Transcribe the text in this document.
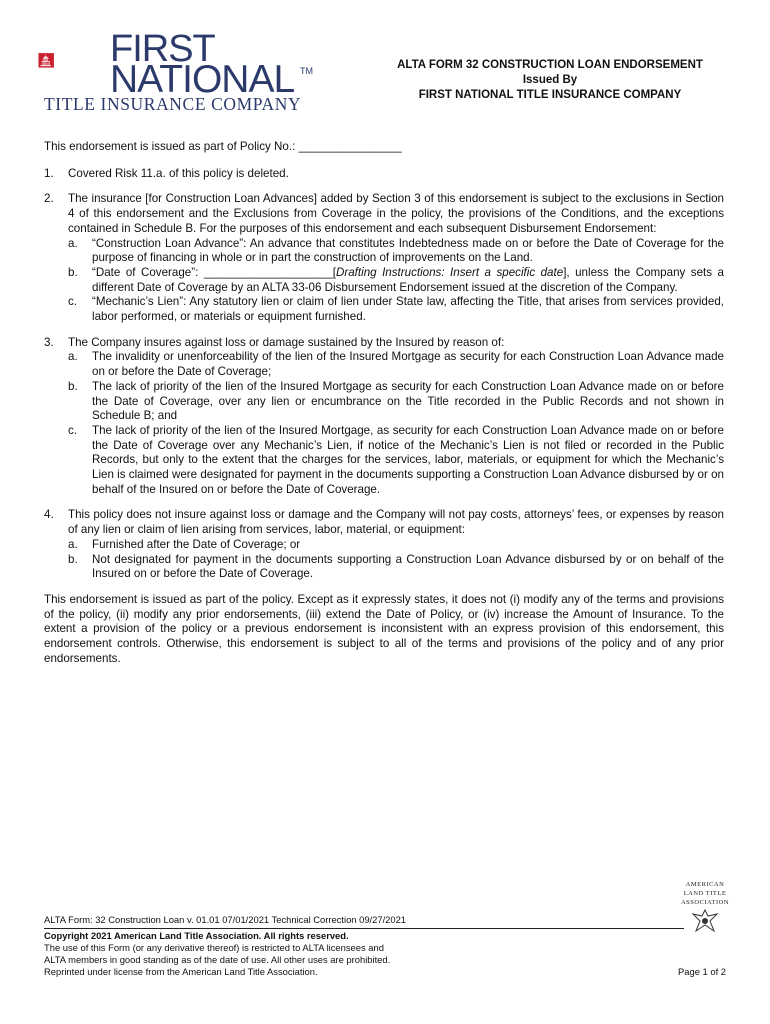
FIRST
NATIONAL TM
TITLE INSURANCE COMPANY
ALTA FORM 32 CONSTRUCTION LOAN ENDORSEMENT
Issued By
FIRST NATIONAL TITLE INSURANCE COMPANY

This endorsement is issued as part of Policy No.: ________________

1. Covered Risk 11.a. of this policy is deleted.
2. The insurance [for Construction Loan Advances] added by Section 3 of this endorsement is subject to the exclusions in Section 4 of this endorsement and the Exclusions from Coverage in the policy, the provisions of the Conditions, and the exceptions contained in Schedule B. For the purposes of this endorsement and each subsequent Disbursement Endorsement:
a. “Construction Loan Advance”: An advance that constitutes Indebtedness made on or before the Date of Coverage for the purpose of financing in whole or in part the construction of improvements on the Land.
b. “Date of Coverage”: ____________________[Drafting Instructions: Insert a specific date], unless the Company sets a different Date of Coverage by an ALTA 33-06 Disbursement Endorsement issued at the discretion of the Company.
c. “Mechanic’s Lien”: Any statutory lien or claim of lien under State law, affecting the Title, that arises from services provided, labor performed, or materials or equipment furnished.
3. The Company insures against loss or damage sustained by the Insured by reason of:
a. The invalidity or unenforceability of the lien of the Insured Mortgage as security for each Construction Loan Advance made on or before the Date of Coverage;
b. The lack of priority of the lien of the Insured Mortgage as security for each Construction Loan Advance made on or before the Date of Coverage, over any lien or encumbrance on the Title recorded in the Public Records and not shown in Schedule B; and
c. The lack of priority of the lien of the Insured Mortgage, as security for each Construction Loan Advance made on or before the Date of Coverage over any Mechanic’s Lien, if notice of the Mechanic’s Lien is not filed or recorded in the Public Records, but only to the extent that the charges for the services, labor, materials, or equipment for which the Mechanic’s Lien is claimed were designated for payment in the documents supporting a Construction Loan Advance disbursed by or on behalf of the Insured on or before the Date of Coverage.
4. This policy does not insure against loss or damage and the Company will not pay costs, attorneys’ fees, or expenses by reason of any lien or claim of lien arising from services, labor, material, or equipment:
a. Furnished after the Date of Coverage; or
b. Not designated for payment in the documents supporting a Construction Loan Advance disbursed by or on behalf of the Insured on or before the Date of Coverage.

This endorsement is issued as part of the policy. Except as it expressly states, it does not (i) modify any of the terms and provisions of the policy, (ii) modify any prior endorsements, (iii) extend the Date of Policy, or (iv) increase the Amount of Insurance. To the extent a provision of the policy or a previous endorsement is inconsistent with an express provision of this endorsement, this endorsement controls. Otherwise, this endorsement is subject to all of the terms and provisions of the policy and of any prior endorsements.

AMERICAN
LAND TITLE
ASSOCIATION
ALTA Form: 32 Construction Loan v. 01.01 07/01/2021 Technical Correction 09/27/2021
Copyright 2021 American Land Title Association. All rights reserved.
The use of this Form (or any derivative thereof) is restricted to ALTA licensees and
ALTA members in good standing as of the date of use. All other uses are prohibited.
Reprinted under license from the American Land Title Association.	Page 1 of 2
